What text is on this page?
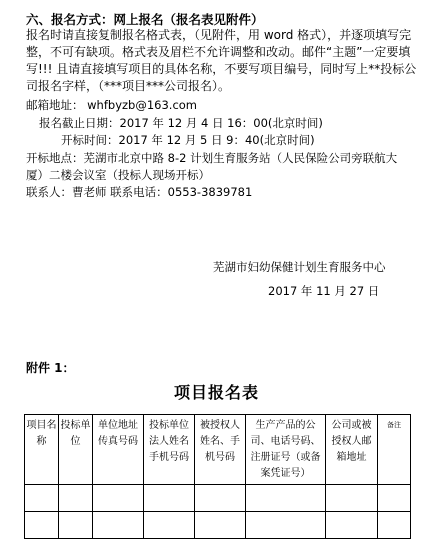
六、报名方式：网上报名（报名表见附件）

报名时请直接复制报名格式表，（见附件，用 word 格式），并逐项填写完整，不可有缺项。格式表及眉栏不允许调整和改动。邮件“主题”一定要填写!!! 且请直接填写项目的具体名称，不要写项目编号，同时写上**投标公司报名字样，（***项目***公司报名）。

邮箱地址： whfbyzb@163.com
报名截止日期：2017 年 12 月 4 日 16：00(北京时间)
开标时间：2017 年 12 月 5 日 9：40(北京时间)
开标地点：芜湖市北京中路 8-2 计划生育服务站（人民保险公司旁联航大
厦）二楼会议室（投标人现场开标）
联系人：曹老师 联系电话：0553-3839781
芜湖市妇幼保健计划生育服务中心
2017 年 11 月 27 日
附件 1：
项目报名表
项目名称	投标单位	单位地址传真号码	投标单位法人姓名手机号码	被授权人姓名、手机号码	生产产品的公司、电话号码、注册证号（或备案凭证号）	公司或被授权人邮箱地址	备注
